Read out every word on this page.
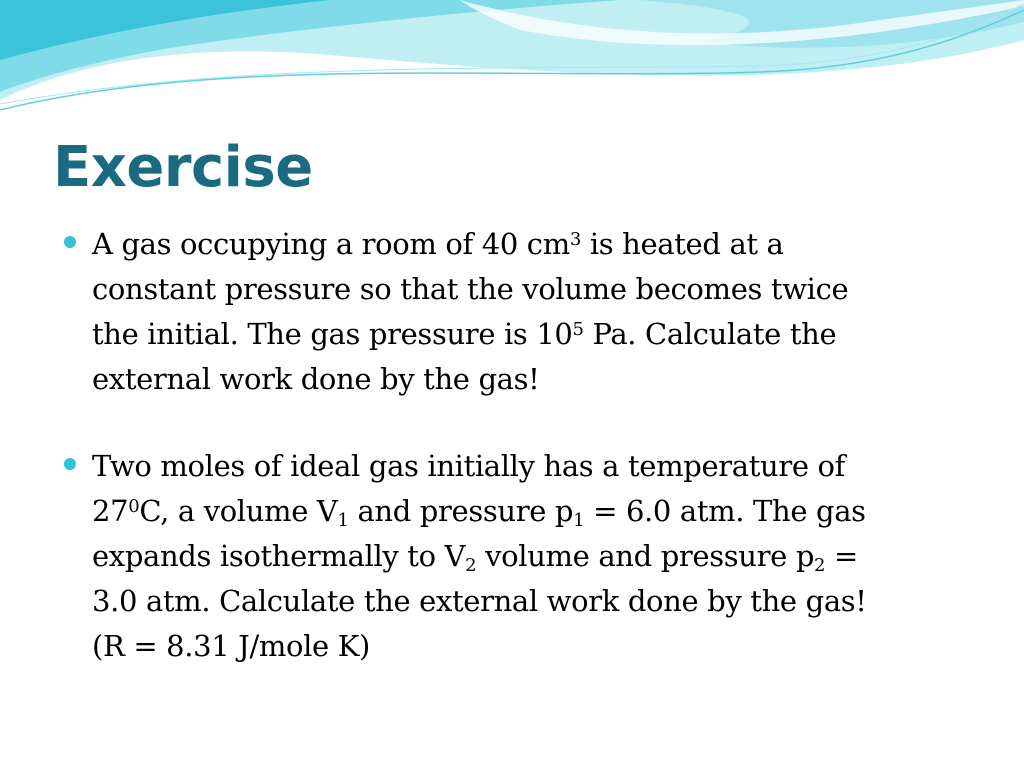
Exercise
A gas occupying a room of 40 $cm^3$ is heated at a
constant pressure so that the volume becomes twice
the initial. The gas pressure is $10^5$ Pa. Calculate the
external work done by the gas!
Two moles of ideal gas initially has a temperature of
$27^0C$, a volume $V_1$ and pressure $p_1 = 6.0$ atm. The gas
expands isothermally to $V_2$ volume and pressure $p_2$ =
3.0 atm. Calculate the external work done by the gas!
(R = 8.31 J/mole K)
